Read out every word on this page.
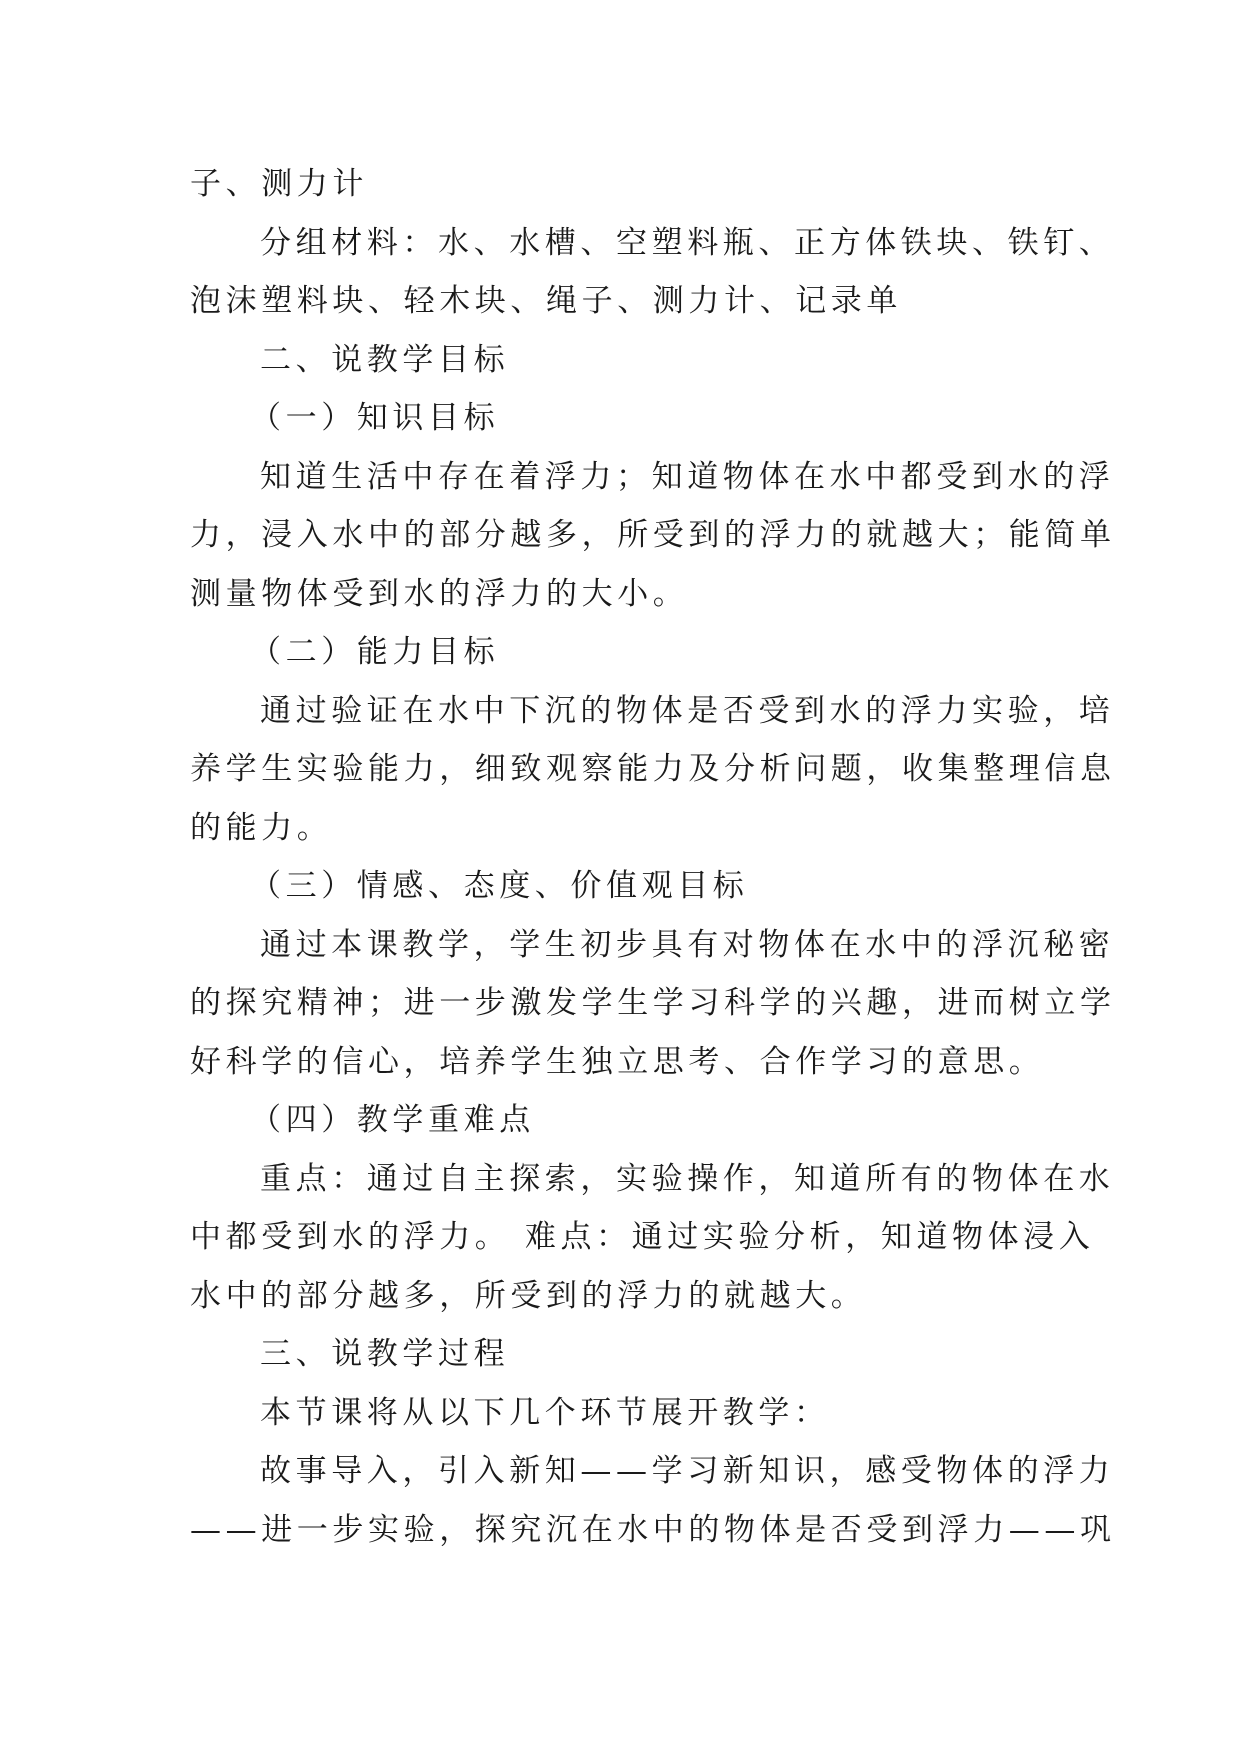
子、测力计
分组材料：水、水槽、空塑料瓶、正方体铁块、铁钉、
泡沫塑料块、轻木块、绳子、测力计、记录单
二、说教学目标
（一）知识目标
知道生活中存在着浮力；知道物体在水中都受到水的浮
力，浸入水中的部分越多，所受到的浮力的就越大；能简单
测量物体受到水的浮力的大小。
（二）能力目标
通过验证在水中下沉的物体是否受到水的浮力实验，培
养学生实验能力，细致观察能力及分析问题，收集整理信息
的能力。
（三）情感、态度、价值观目标
通过本课教学，学生初步具有对物体在水中的浮沉秘密
的探究精神；进一步激发学生学习科学的兴趣，进而树立学
好科学的信心，培养学生独立思考、合作学习的意思。
（四）教学重难点
重点：通过自主探索，实验操作，知道所有的物体在水
中都受到水的浮力。 难点：通过实验分析，知道物体浸入
水中的部分越多，所受到的浮力的就越大。
三、说教学过程
本节课将从以下几个环节展开教学：
故事导入，引入新知——学习新知识，感受物体的浮力
——进一步实验，探究沉在水中的物体是否受到浮力——巩
